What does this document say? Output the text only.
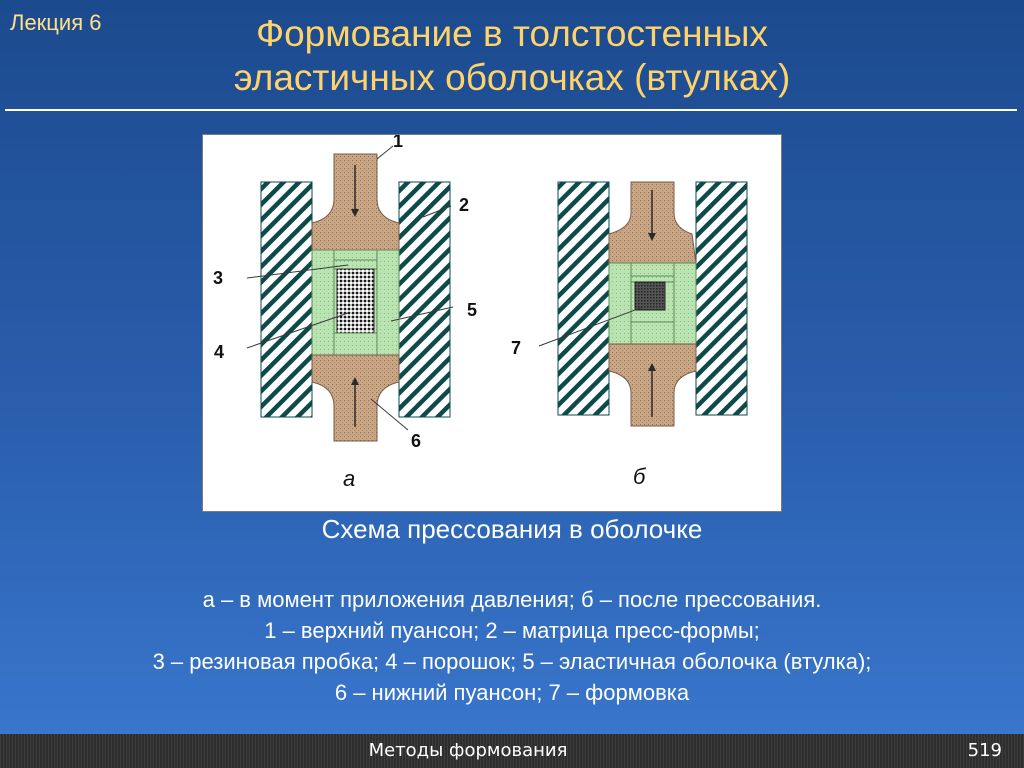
Лекция 6	Формование в толстостенных
эластичных оболочках (втулках)
1
2
3
4
5
6
7
а	б
Схема прессования в оболочке
а – в момент приложения давления; б – после прессования.
1 – верхний пуансон; 2 – матрица пресс-формы;
3 – резиновая пробка; 4 – порошок; 5 – эластичная оболочка (втулка);
6 – нижний пуансон; 7 – формовка
Методы формования	519
